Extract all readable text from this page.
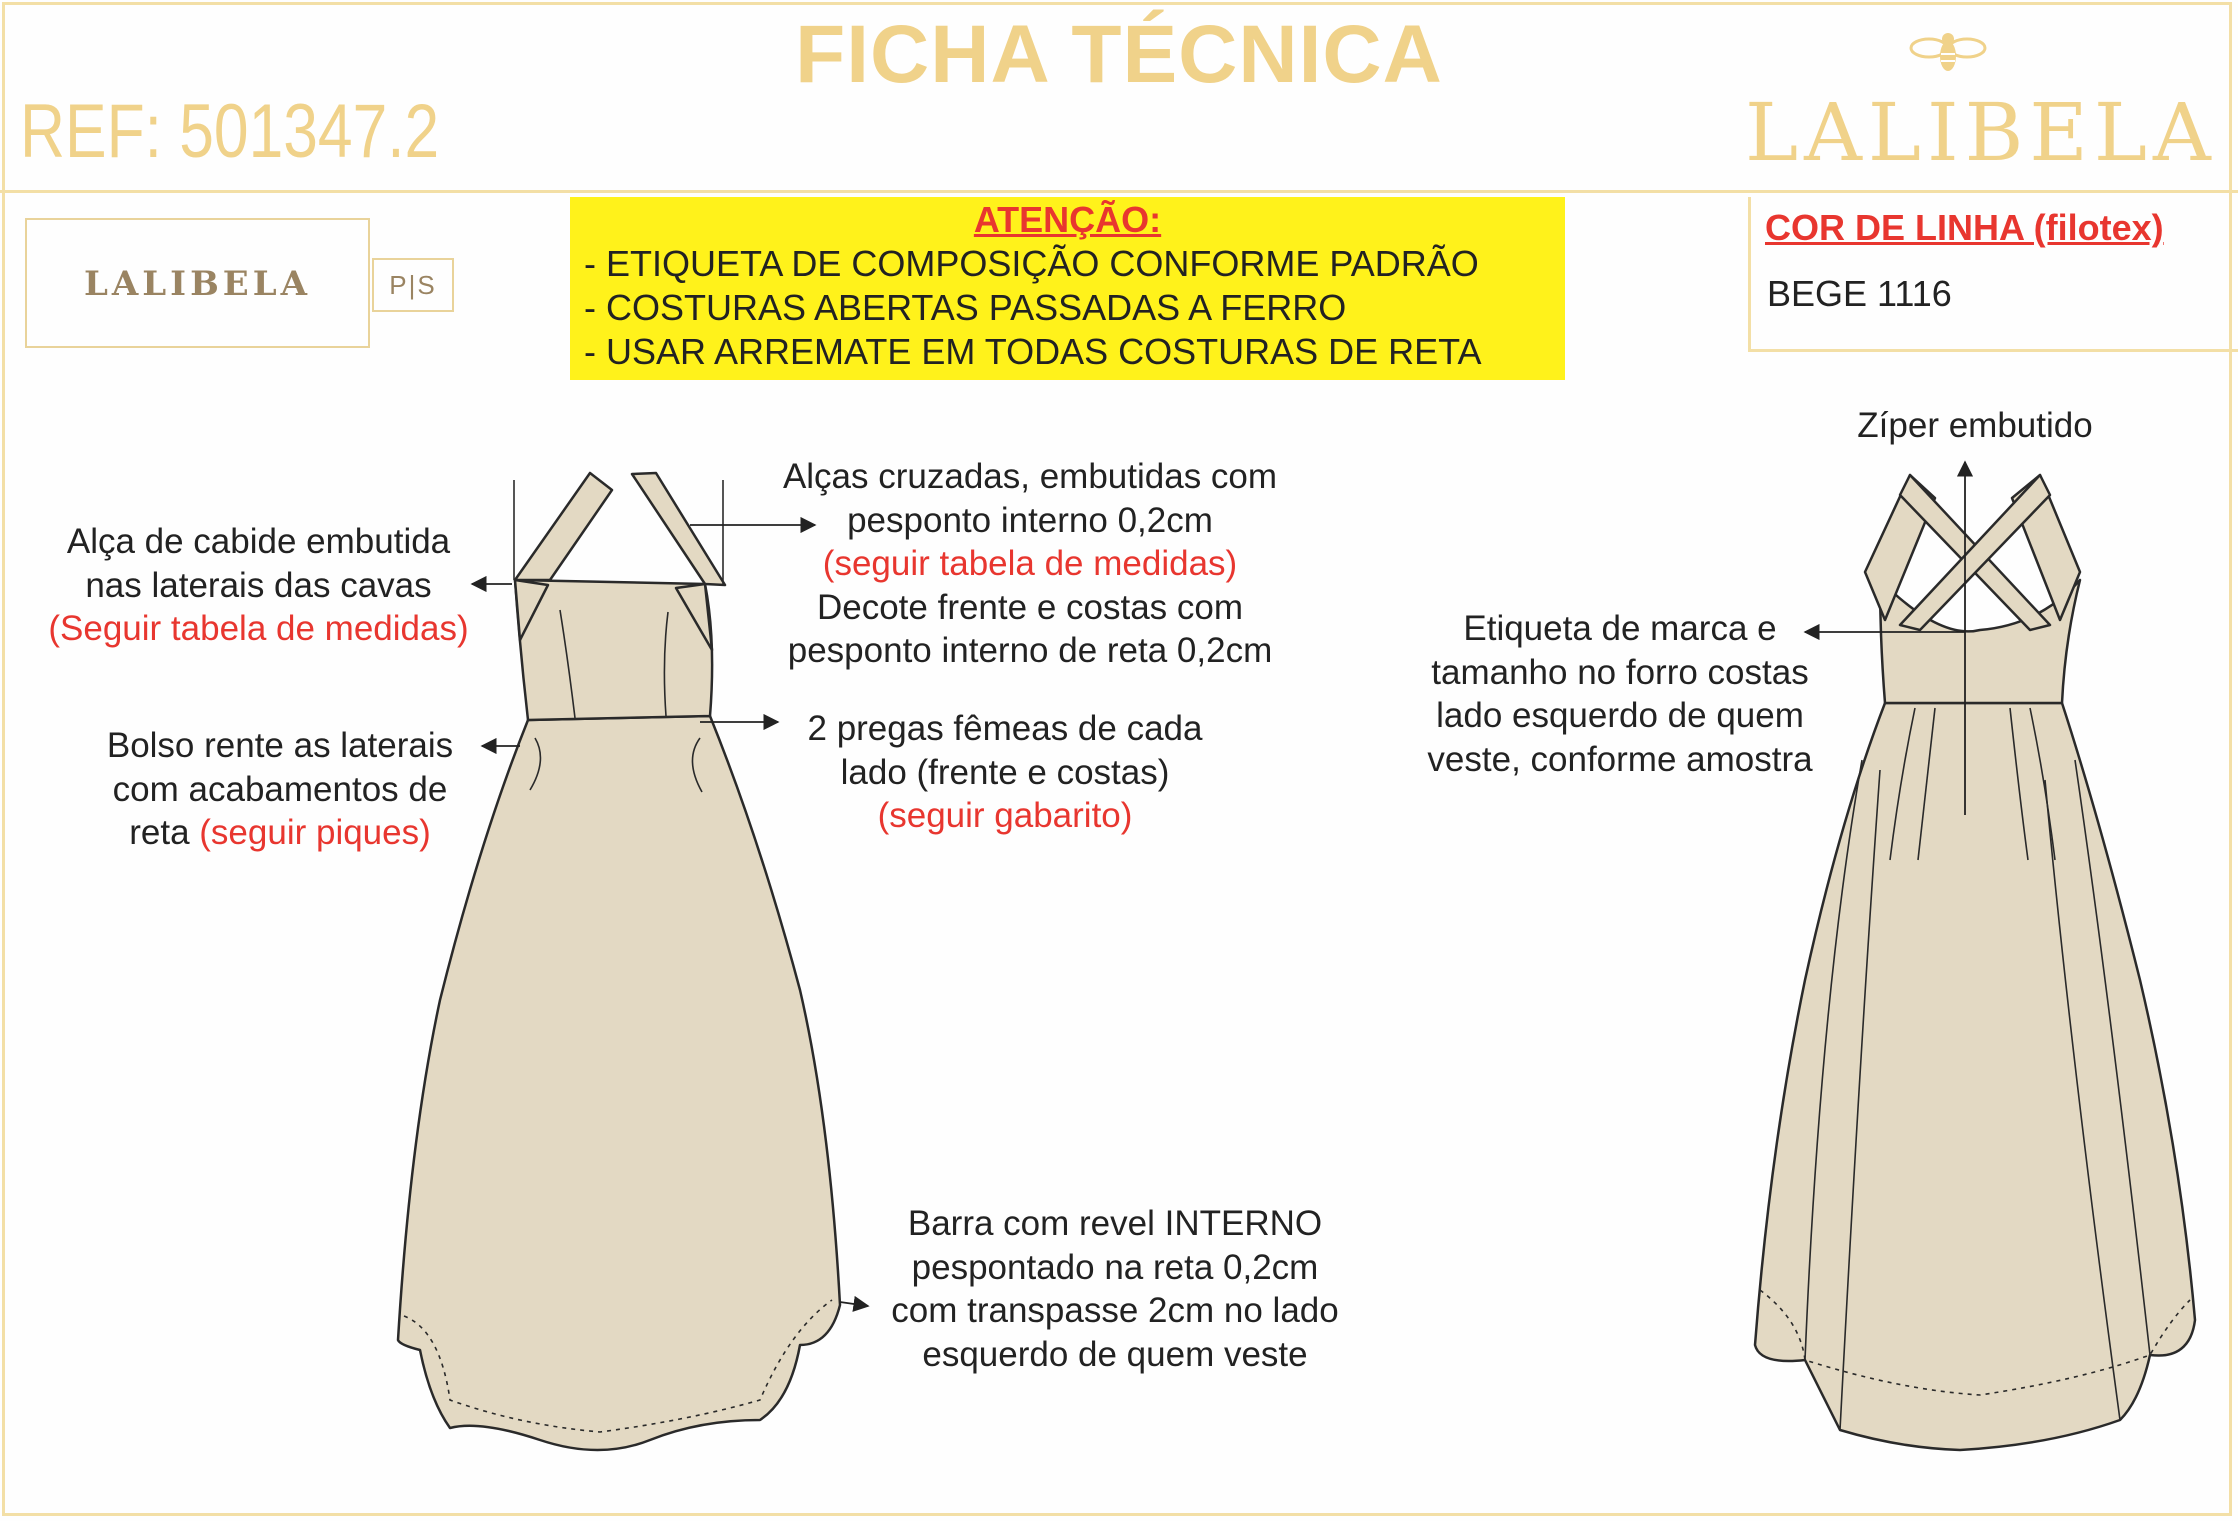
FICHA TÉCNICA
REF: 501347.2	LALIBELA
LALIBELA	P|S
ATENÇÃO:
- ETIQUETA DE COMPOSIÇÃO CONFORME PADRÃO
- COSTURAS ABERTAS PASSADAS A FERRO
- USAR ARREMATE EM TODAS COSTURAS DE RETA
COR DE LINHA (filotex)
BEGE 1116
Alça de cabide embutida
nas laterais das cavas
(Seguir tabela de medidas)
Bolso rente as laterais
com acabamentos de
reta (seguir piques)
Alças cruzadas, embutidas com
pesponto interno 0,2cm
(seguir tabela de medidas)
Decote frente e costas com
pesponto interno de reta 0,2cm
2 pregas fêmeas de cada
lado (frente e costas)
(seguir gabarito)
Barra com revel INTERNO
pespontado na reta 0,2cm
com transpasse 2cm no lado
esquerdo de quem veste
Zíper embutido
Etiqueta de marca e
tamanho no forro costas
lado esquerdo de quem
veste, conforme amostra
